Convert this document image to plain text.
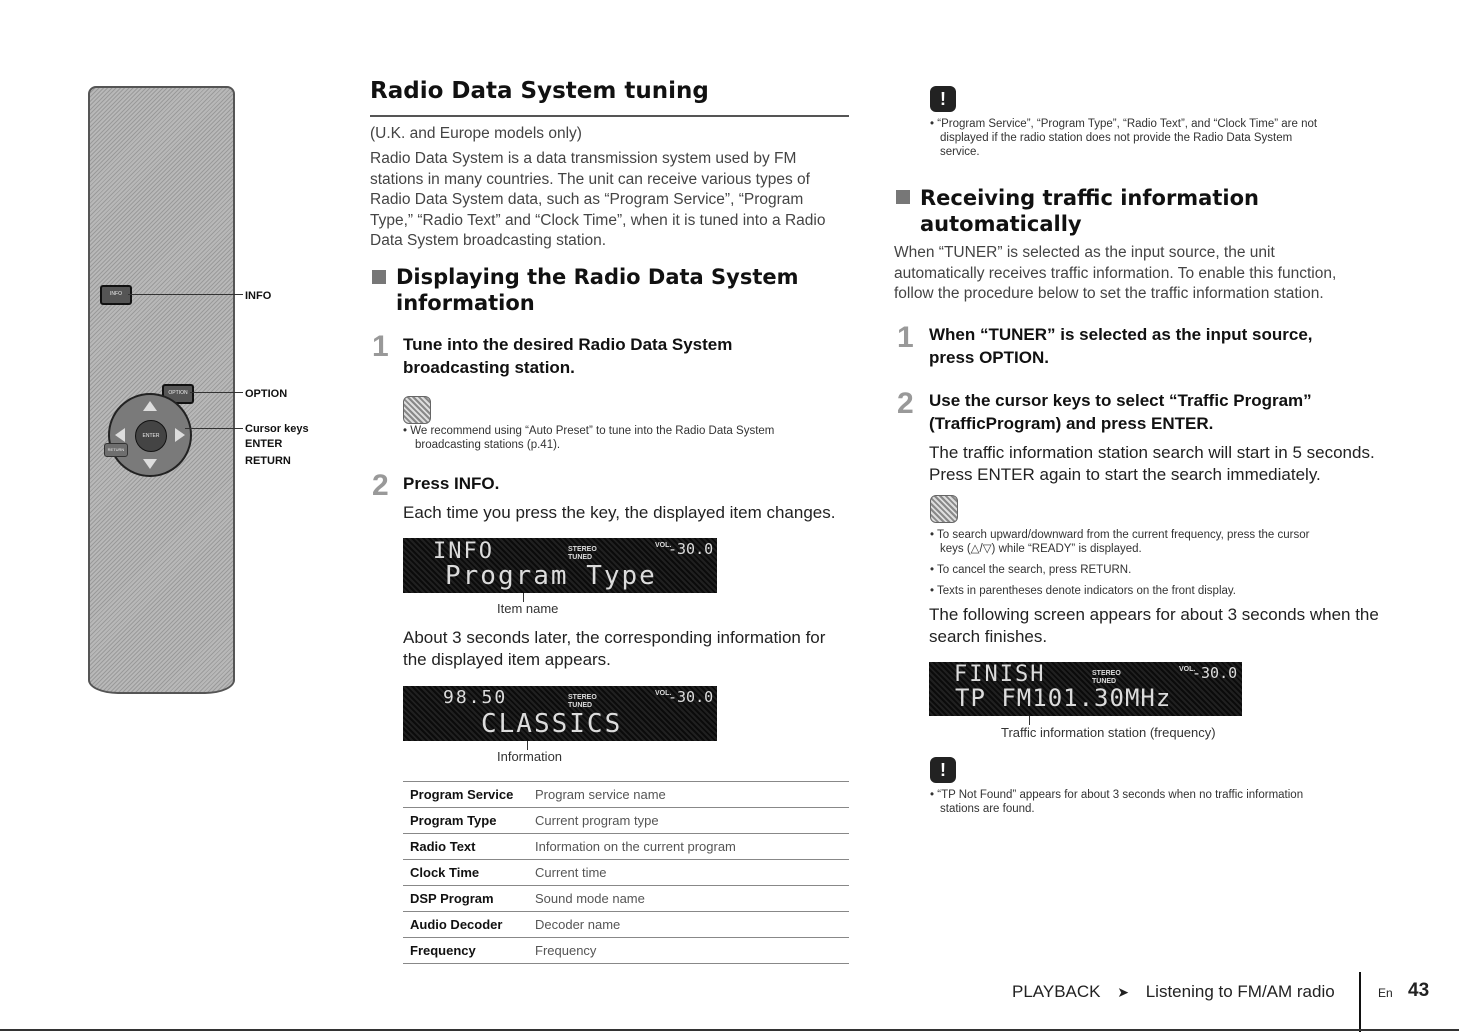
INFO
OPTION
ENTER
RETURN
INFO
OPTION
Cursor keys
ENTER
RETURN
Radio Data System tuning
(U.K. and Europe models only)
Radio Data System is a data transmission system used by FM stations in many countries. The unit can receive various types of Radio Data System data, such as “Program Service”, “Program Type,” “Radio Text” and “Clock Time”, when it is tuned into a Radio Data System broadcasting station.
Displaying the Radio Data System
information
1 Tune into the desired Radio Data System
broadcasting station.
• We recommend using “Auto Preset” to tune into the Radio Data System
broadcasting stations (p.41).
2 Press INFO.
Each time you press the key, the displayed item changes.
INFO	STEREO
TUNED
VOL.
-30.0
Program Type
Item name
About 3 seconds later, the corresponding information for
the displayed item appears.
98.50	STEREO
TUNED
VOL.
-30.0
CLASSICS
Information
Program Service	Program service name
Program Type	Current program type
Radio Text	Information on the current program
Clock Time	Current time
DSP Program	Sound mode name
Audio Decoder	Decoder name
Frequency	Frequency
!
• “Program Service”, “Program Type”, “Radio Text”, and “Clock Time” are not
displayed if the radio station does not provide the Radio Data System
service.
Receiving traffic information
automatically
When “TUNER” is selected as the input source, the unit automatically receives traffic information. To enable this function, follow the procedure below to set the traffic information station.
1 When “TUNER” is selected as the input source,
press OPTION.
2 Use the cursor keys to select “Traffic Program”
(TrafficProgram) and press ENTER.
The traffic information station search will start in 5 seconds.
Press ENTER again to start the search immediately.
• To search upward/downward from the current frequency, press the cursor
keys (△/▽) while “READY” is displayed.
• To cancel the search, press RETURN.
• Texts in parentheses denote indicators on the front display.
The following screen appears for about 3 seconds when the
search finishes.
FINISH	STEREO
TUNED
VOL.
-30.0
TP FM101.30MHz
Traffic information station (frequency)
!
• “TP Not Found” appears for about 3 seconds when no traffic information
stations are found.
PLAYBACK ➤ Listening to FM/AM radio	En 43
